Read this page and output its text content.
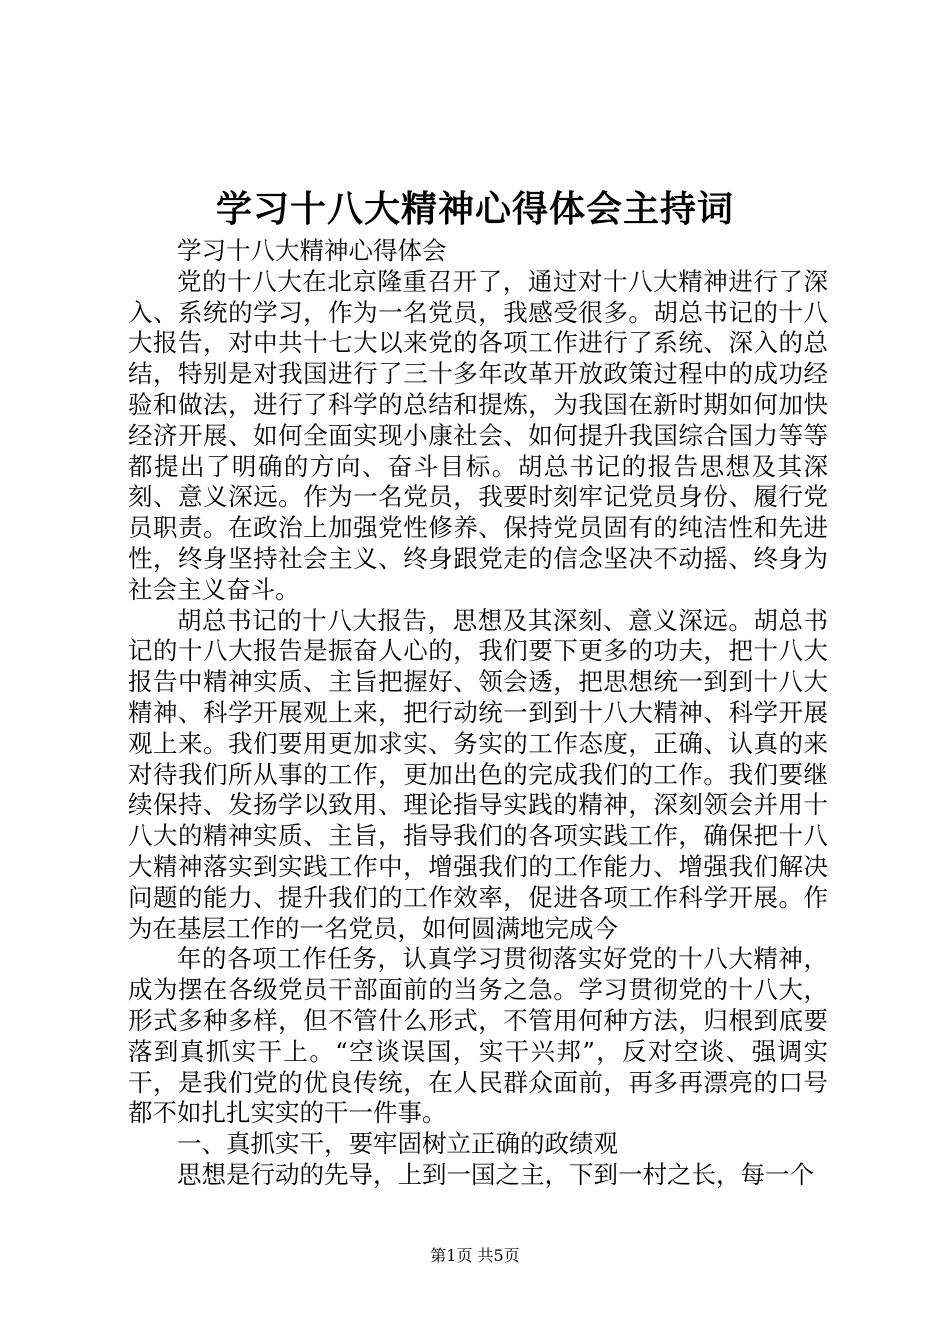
学习十八大精神心得体会主持词

学习十八大精神心得体会

党的十八大在北京隆重召开了，通过对十八大精神进行了深入、系统的学习，作为一名党员，我感受很多。胡总书记的十八大报告，对中共十七大以来党的各项工作进行了系统、深入的总结，特别是对我国进行了三十多年改革开放政策过程中的成功经验和做法，进行了科学的总结和提炼，为我国在新时期如何加快经济开展、如何全面实现小康社会、如何提升我国综合国力等等都提出了明确的方向、奋斗目标。胡总书记的报告思想及其深刻、意义深远。作为一名党员，我要时刻牢记党员身份、履行党员职责。在政治上加强党性修养、保持党员固有的纯洁性和先进性，终身坚持社会主义、终身跟党走的信念坚决不动摇、终身为社会主义奋斗。

胡总书记的十八大报告，思想及其深刻、意义深远。胡总书记的十八大报告是振奋人心的，我们要下更多的功夫，把十八大报告中精神实质、主旨把握好、领会透，把思想统一到到十八大精神、科学开展观上来，把行动统一到到十八大精神、科学开展观上来。我们要用更加求实、务实的工作态度，正确、认真的来对待我们所从事的工作，更加出色的完成我们的工作。我们要继续保持、发扬学以致用、理论指导实践的精神，深刻领会并用十八大的精神实质、主旨，指导我们的各项实践工作，确保把十八大精神落实到实践工作中，增强我们的工作能力、增强我们解决问题的能力、提升我们的工作效率，促进各项工作科学开展。作为在基层工作的一名党员，如何圆满地完成今

年的各项工作任务，认真学习贯彻落实好党的十八大精神，成为摆在各级党员干部面前的当务之急。学习贯彻党的十八大，形式多种多样，但不管什么形式，不管用何种方法，归根到底要落到真抓实干上。“空谈误国，实干兴邦”，反对空谈、强调实干，是我们党的优良传统，在人民群众面前，再多再漂亮的口号都不如扎扎实实的干一件事。

一、真抓实干，要牢固树立正确的政绩观

思想是行动的先导，上到一国之主，下到一村之长，每一个

第1页 共5页
